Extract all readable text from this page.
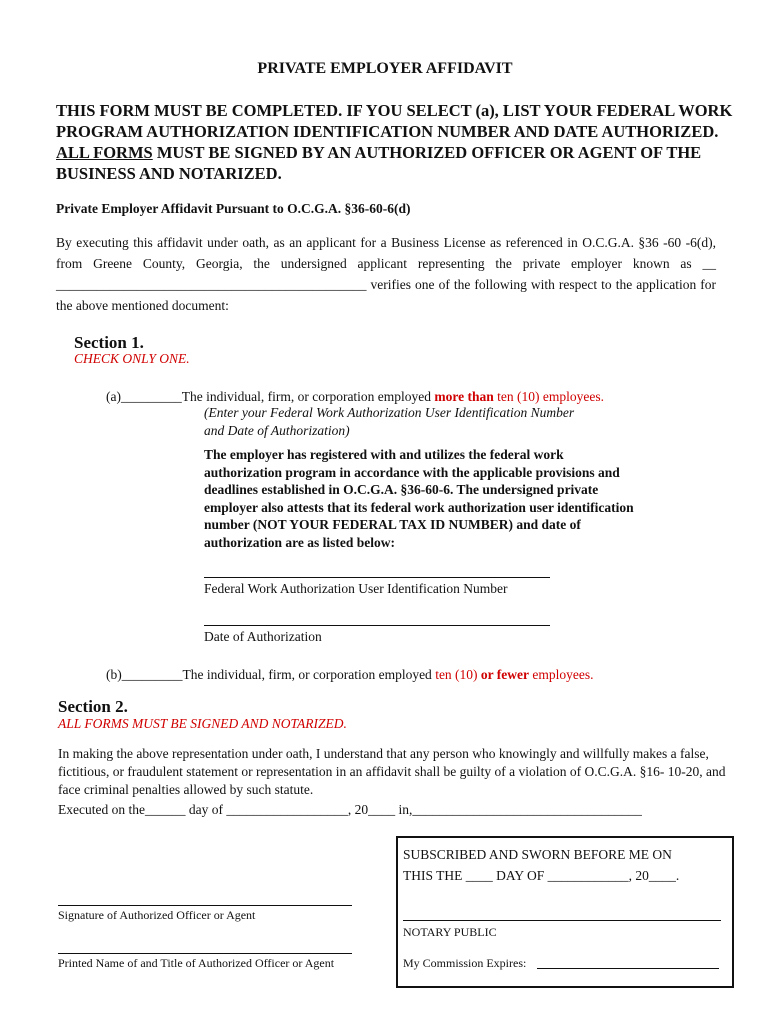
PRIVATE EMPLOYER AFFIDAVIT
THIS FORM MUST BE COMPLETED. IF YOU SELECT (a), LIST YOUR FEDERAL WORK PROGRAM AUTHORIZATION IDENTIFICATION NUMBER AND DATE AUTHORIZED. ALL FORMS MUST BE SIGNED BY AN AUTHORIZED OFFICER OR AGENT OF THE BUSINESS AND NOTARIZED.
Private Employer Affidavit Pursuant to O.C.G.A. §36-60-6(d)
By executing this affidavit under oath, as an applicant for a Business License as referenced in O.C.G.A. §36 -60 -6(d), from Greene County, Georgia, the undersigned applicant representing the private employer known as __ ______________________________________________ verifies one of the following with respect to the application for the above mentioned document:
Section 1.
CHECK ONLY ONE.
(a)_________The individual, firm, or corporation employed more than ten (10) employees.
(Enter your Federal Work Authorization User Identification Number
and Date of Authorization)
The employer has registered with and utilizes the federal work authorization program in accordance with the applicable provisions and deadlines established in O.C.G.A. §36-60-6. The undersigned private employer also attests that its federal work authorization user identification number (NOT YOUR FEDERAL TAX ID NUMBER) and date of authorization are as listed below:
Federal Work Authorization User Identification Number
Date of Authorization
(b)_________The individual, firm, or corporation employed ten (10) or fewer employees.
Section 2.
ALL FORMS MUST BE SIGNED AND NOTARIZED.
In making the above representation under oath, I understand that any person who knowingly and willfully makes a false, fictitious, or fraudulent statement or representation in an affidavit shall be guilty of a violation of O.C.G.A. §16- 10-20, and face criminal penalties allowed by such statute.
Executed on the______ day of __________________, 20____ in,__________________________________
Signature of Authorized Officer or Agent
Printed Name of and Title of Authorized Officer or Agent
SUBSCRIBED AND SWORN BEFORE ME ON
THIS THE ____ DAY OF ____________, 20____.
NOTARY PUBLIC
My Commission Expires:
